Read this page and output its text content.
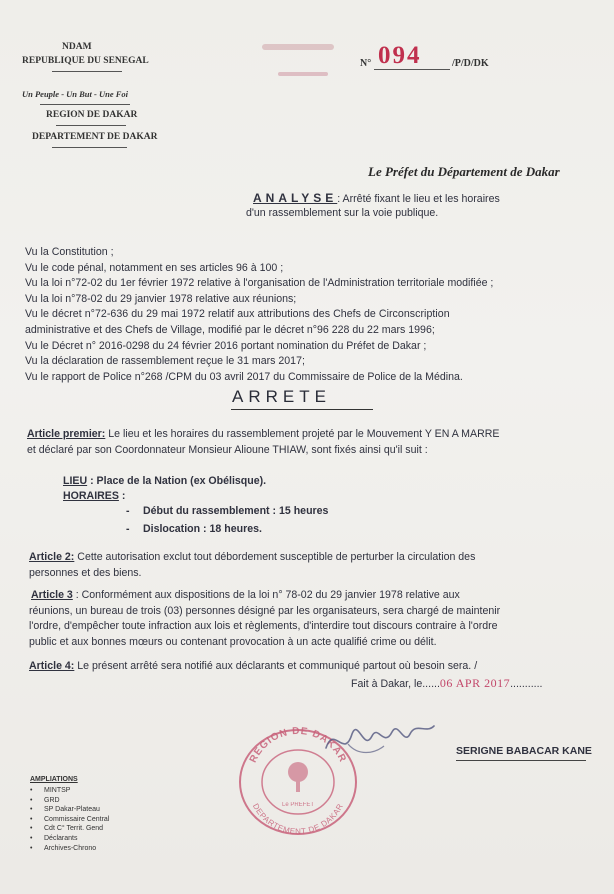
NDAM
REPUBLIQUE DU SENEGAL
Un Peuple - Un But - Une Foi
REGION DE DAKAR
DEPARTEMENT DE DAKAR
N° 094	/P/D/DK
Le Préfet du Département de Dakar
ANALYSE: Arrêté fixant le lieu et les horaires
d'un rassemblement sur la voie publique.
Vu la Constitution ;
Vu le code pénal, notamment en ses articles 96 à 100 ;
Vu la loi n°72-02 du 1er février 1972 relative à l'organisation de l'Administration territoriale modifiée ;
Vu la loi n°78-02 du 29 janvier 1978 relative aux réunions;
Vu le décret n°72-636 du 29 mai 1972 relatif aux attributions des Chefs de Circonscription
administrative et des Chefs de Village, modifié par le décret n°96 228 du 22 mars 1996;
Vu le Décret n° 2016-0298 du 24 février 2016 portant nomination du Préfet de Dakar ;
Vu la déclaration de rassemblement reçue le 31 mars 2017;
Vu le rapport de Police n°268 /CPM du 03 avril 2017 du Commissaire de Police de la Médina.
ARRETE
Article premier: Le lieu et les horaires du rassemblement projeté par le Mouvement Y EN A MARRE
et déclaré par son Coordonnateur Monsieur Alioune THIAW, sont fixés ainsi qu'il suit :
LIEU : Place de la Nation (ex Obélisque).
HORAIRES :
- Début du rassemblement : 15 heures
- Dislocation : 18 heures.
Article 2: Cette autorisation exclut tout débordement susceptible de perturber la circulation des
personnes et des biens.
Article 3 : Conformément aux dispositions de la loi n° 78-02 du 29 janvier 1978 relative aux
réunions, un bureau de trois (03) personnes désigné par les organisateurs, sera chargé de maintenir
l'ordre, d'empêcher toute infraction aux lois et règlements, d'interdire tout discours contraire à l'ordre
public et aux bonnes mœurs ou contenant provocation à un acte qualifié crime ou délit.
Article 4: Le présent arrêté sera notifié aux déclarants et communiqué partout où besoin sera. /
Fait à Dakar, le......06 APR 2017...........
REGION DE DAKAR
DEPARTEMENT DE DAKAR
Le PREFET
SERIGNE BABACAR KANE
AMPLIATIONS
• MINTSP
• GRD
• SP Dakar-Plateau
• Commissaire Central
• Cdt C° Territ. Gend
• Déclarants
• Archives-Chrono
